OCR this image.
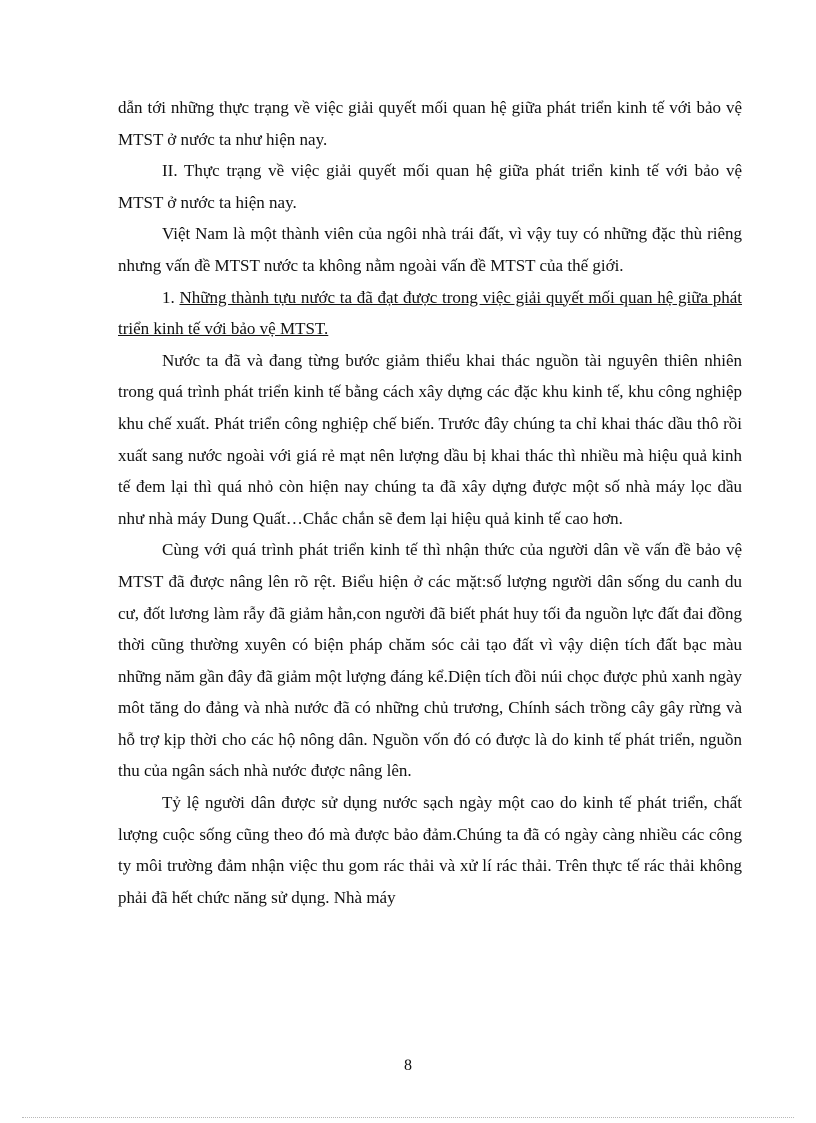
dẫn tới những thực trạng về việc giải quyết mối quan hệ giữa phát triển kinh tế với bảo vệ MTST ở nước ta như hiện nay.

II. Thực trạng về việc giải quyết mối quan hệ giữa phát triển kinh tế với bảo vệ MTST ở nước ta hiện nay.

Việt Nam là một thành viên của ngôi nhà trái đất, vì vậy tuy có những đặc thù riêng nhưng vấn đề MTST nước ta không nằm ngoài vấn đề MTST của thế giới.

1. Những thành tựu nước ta đã đạt được trong việc giải quyết mối quan hệ giữa phát triển kinh tế với bảo vệ MTST.

Nước ta đã và đang từng bước giảm thiểu khai thác nguồn tài nguyên thiên nhiên trong quá trình phát triển kinh tế bằng cách xây dựng các đặc khu kinh tế, khu công nghiệp khu chế xuất. Phát triển công nghiệp chế biến. Trước đây chúng ta chỉ khai thác dầu thô rồi xuất sang nước ngoài với giá rẻ mạt nên lượng dầu bị khai thác thì nhiều mà hiệu quả kinh tế đem lại thì quá nhỏ còn hiện nay chúng ta đã xây dựng được một số nhà máy lọc dầu như nhà máy Dung Quất…Chắc chắn sẽ đem lại hiệu quả kinh tế cao hơn.

Cùng với quá trình phát triển kinh tế thì nhận thức của người dân về vấn đề bảo vệ MTST đã được nâng lên rõ rệt. Biểu hiện ở các mặt:số lượng người dân sống du canh du cư, đốt lương làm rẫy đã giảm hẳn,con người đã biết phát huy tối đa nguồn lực đất đai đồng thời cũng thường xuyên có biện pháp chăm sóc cải tạo đất vì vậy diện tích đất bạc màu những năm gần đây đã giảm một lượng đáng kể.Diện tích đồi núi chọc được phủ xanh ngày môt tăng do đảng và nhà nước đã có những chủ trương, Chính sách trồng cây gây rừng và hỗ trợ kịp thời cho các hộ nông dân. Nguồn vốn đó có được là do kinh tế phát triển, nguồn thu của ngân sách nhà nước được nâng lên.

Tỷ lệ người dân được sử dụng nước sạch ngày một cao do kinh tế phát triển, chất lượng cuộc sống cũng theo đó mà được bảo đảm.Chúng ta đã có ngày càng nhiều các công ty môi trường đảm nhận việc thu gom rác thải và xử lí rác thải. Trên thực tế rác thải không phải đã hết chức năng sử dụng. Nhà máy

8
